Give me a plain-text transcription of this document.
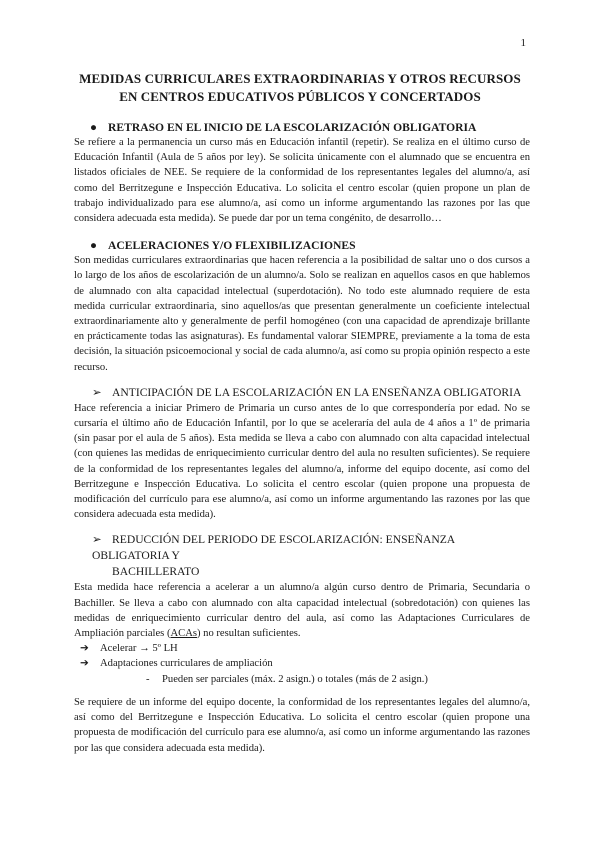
1
MEDIDAS CURRICULARES EXTRAORDINARIAS Y OTROS RECURSOS
EN CENTROS EDUCATIVOS PÚBLICOS Y CONCERTADOS
● RETRASO EN EL INICIO DE LA ESCOLARIZACIÓN OBLIGATORIA

Se refiere a la permanencia un curso más en Educación infantil (repetir). Se realiza en el último curso de Educación Infantil (Aula de 5 años por ley). Se solicita únicamente con el alumnado que se encuentra en listados oficiales de NEE. Se requiere de la conformidad de los representantes legales del alumno/a, así como del Berritzegune e Inspección Educativa. Lo solicita el centro escolar (quien propone un plan de trabajo individualizado para ese alumno/a, así como un informe argumentando las razones por las que considera adecuada esta medida). Se puede dar por un tema congénito, de desarrollo…

● ACELERACIONES Y/O FLEXIBILIZACIONES

Son medidas curriculares extraordinarias que hacen referencia a la posibilidad de saltar uno o dos cursos a lo largo de los años de escolarización de un alumno/a. Solo se realizan en aquellos casos en que hablemos de alumnado con alta capacidad intelectual (superdotación). No todo este alumnado requiere de esta medida curricular extraordinaria, sino aquellos/as que presentan generalmente un coeficiente intelectual extraordinariamente alto y generalmente de perfil homogéneo (con una capacidad de aprendizaje brillante en prácticamente todas las asignaturas). Es fundamental valorar SIEMPRE, previamente a la toma de esta decisión, la situación psicoemocional y social de cada alumno/a, así como su propia opinión respecto a este recurso.

➢ ANTICIPACIÓN DE LA ESCOLARIZACIÓN EN LA ENSEÑANZA OBLIGATORIA

Hace referencia a iniciar Primero de Primaria un curso antes de lo que correspondería por edad. No se cursaría el último año de Educación Infantil, por lo que se aceleraría del aula de 4 años a 1º de primaria (sin pasar por el aula de 5 años). Esta medida se lleva a cabo con alumnado con alta capacidad intelectual (con quienes las medidas de enriquecimiento curricular dentro del aula no resulten suficientes). Se requiere de la conformidad de los representantes legales del alumno/a, informe del equipo docente, así como del Berritzegune e Inspección Educativa. Lo solicita el centro escolar (quien propone una propuesta de modificación del currículo para ese alumno/a, así como un informe argumentando las razones por las que considera adecuada esta medida).

➢ REDUCCIÓN DEL PERIODO DE ESCOLARIZACIÓN: ENSEÑANZA OBLIGATORIA Y
BACHILLERATO

Esta medida hace referencia a acelerar a un alumno/a algún curso dentro de Primaria, Secundaria o Bachiller. Se lleva a cabo con alumnado con alta capacidad intelectual (sobredotación) con quienes las medidas de enriquecimiento curricular dentro del aula, así como las Adaptaciones Curriculares de Ampliación parciales (ACAs) no resultan suficientes.

➔ Acelerar → 5º LH
➔ Adaptaciones curriculares de ampliación
- Pueden ser parciales (máx. 2 asign.) o totales (más de 2 asign.)

Se requiere de un informe del equipo docente, la conformidad de los representantes legales del alumno/a, así como del Berritzegune e Inspección Educativa. Lo solicita el centro escolar (quien propone una propuesta de modificación del currículo para ese alumno/a, así como un informe argumentando las razones por las que considera adecuada esta medida).
